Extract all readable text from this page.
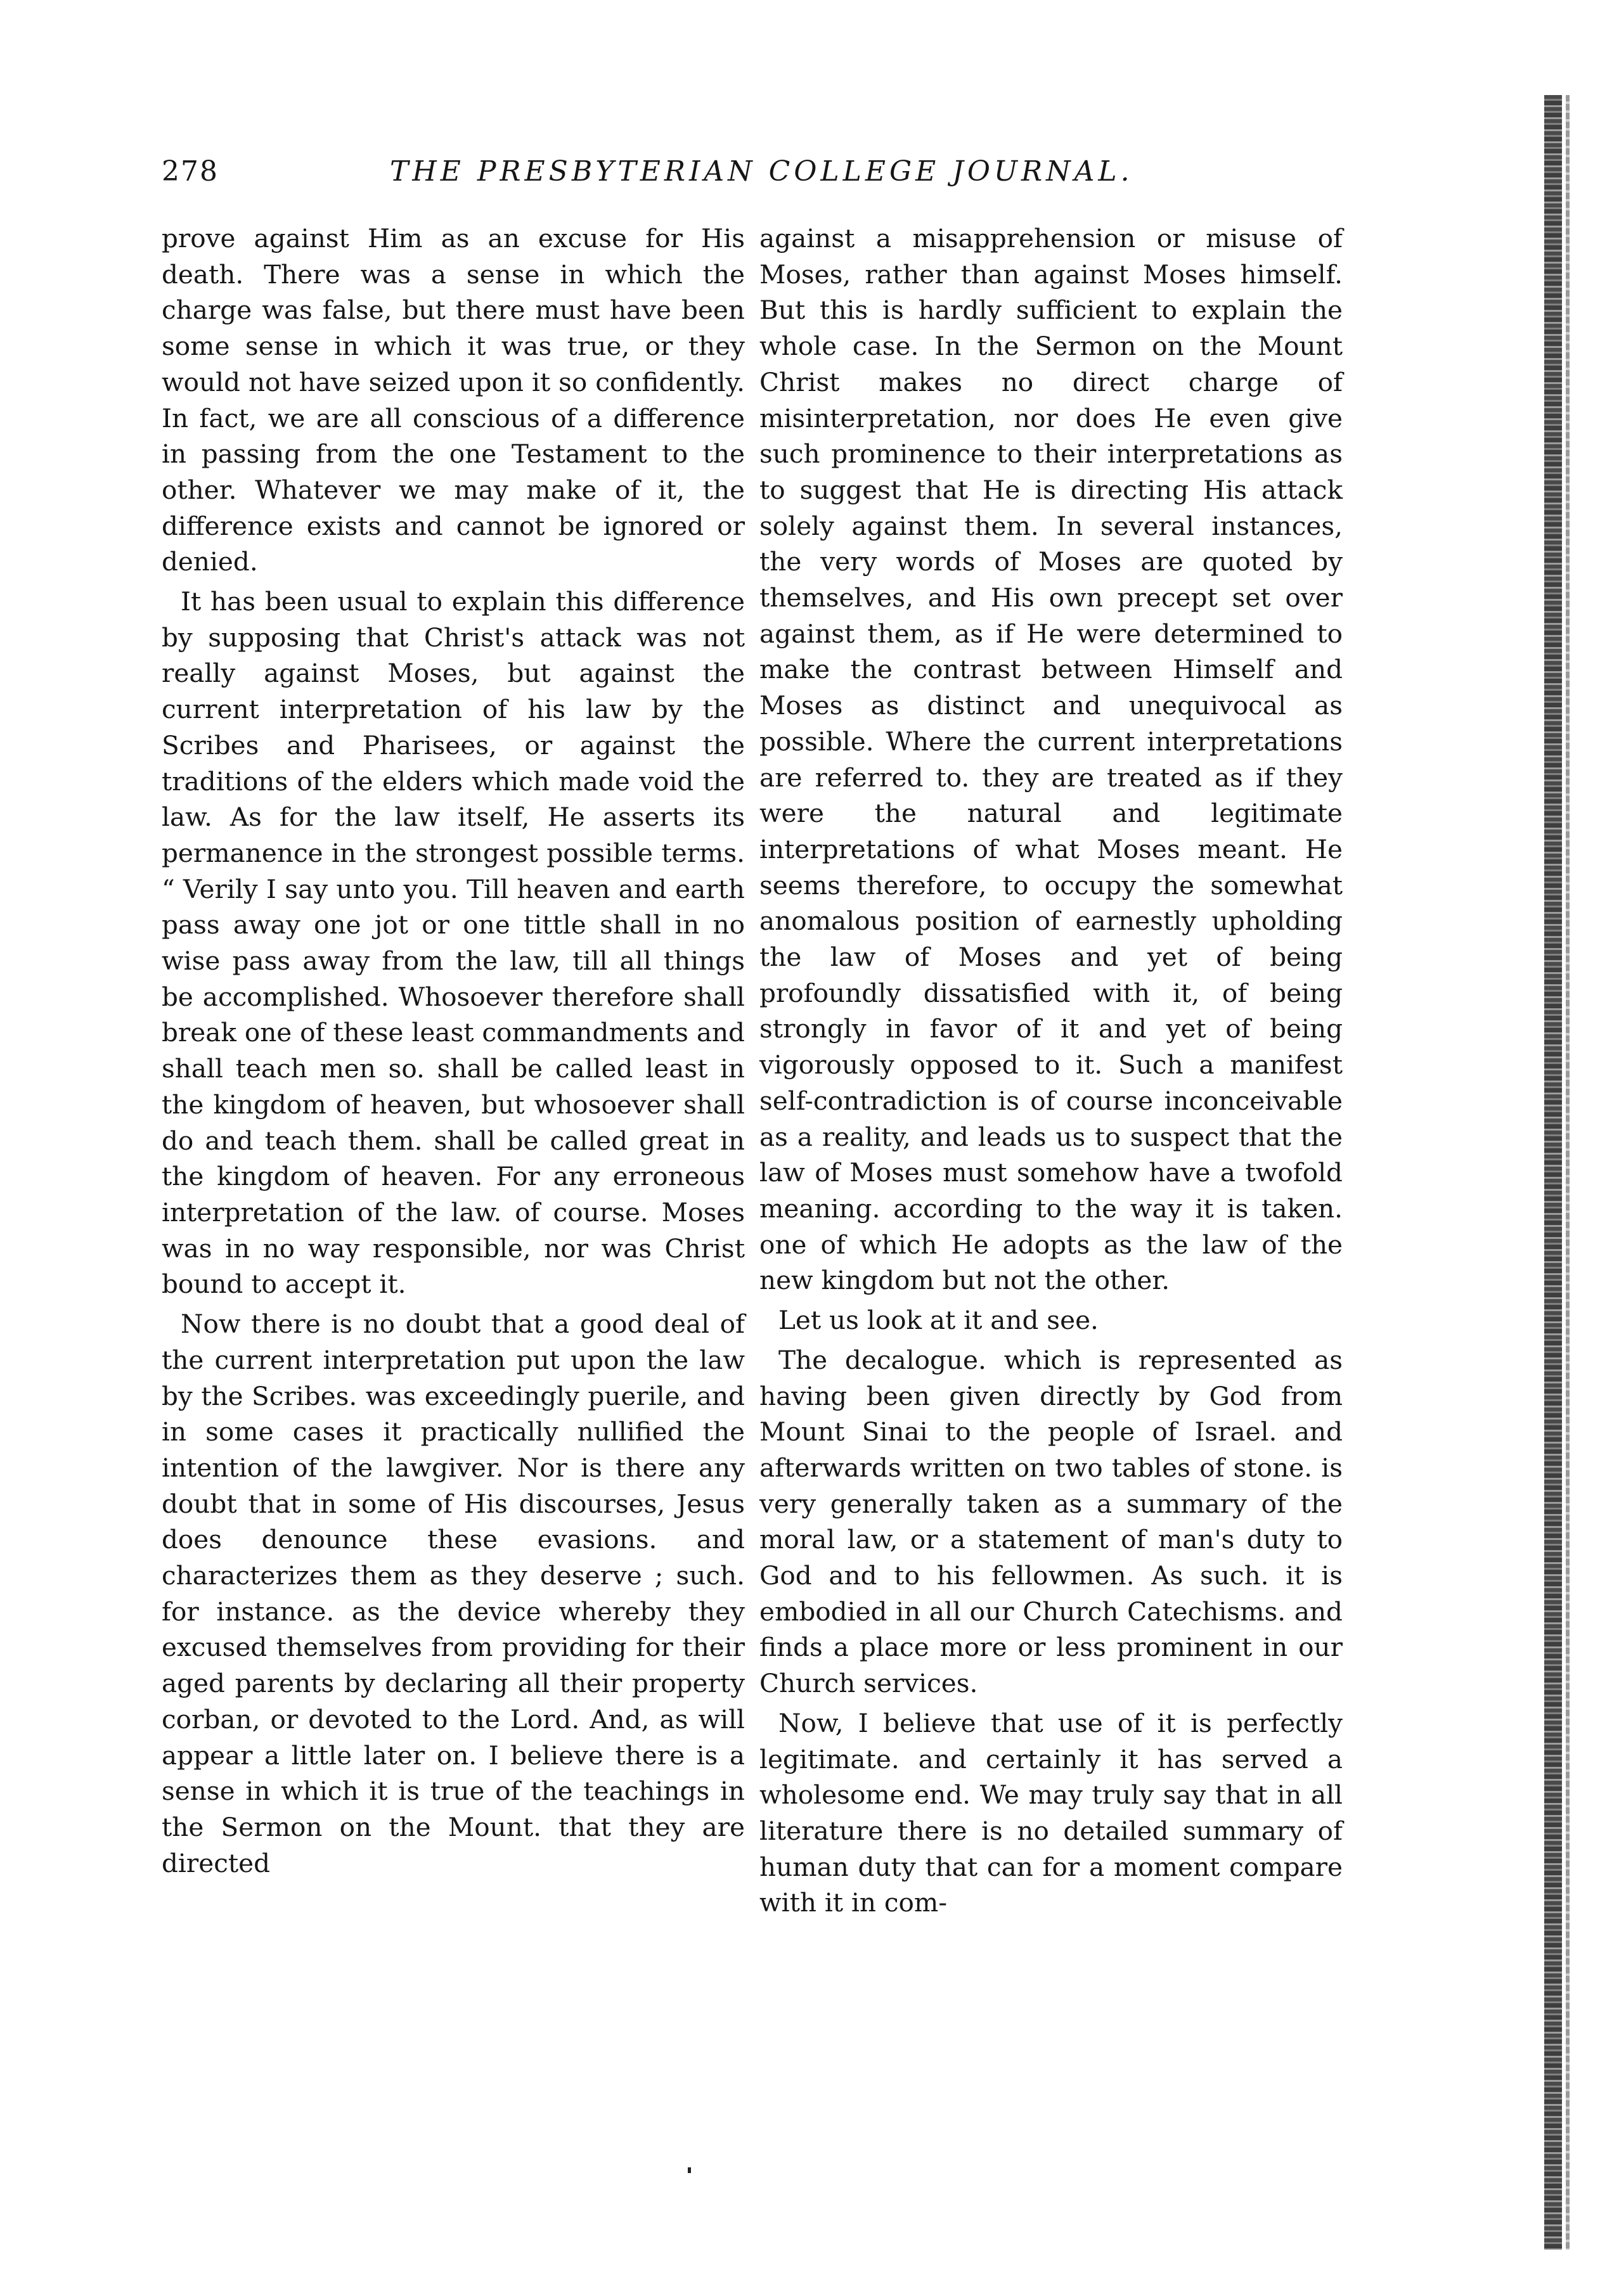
278	THE PRESBYTERIAN COLLEGE JOURNAL.

prove against Him as an excuse for His death. There was a sense in which the charge was false, but there must have been some sense in which it was true, or they would not have seized upon it so confidently. In fact, we are all conscious of a difference in passing from the one Testament to the other. Whatever we may make of it, the difference exists and cannot be ignored or denied.

It has been usual to explain this difference by supposing that Christ's attack was not really against Moses, but against the current interpretation of his law by the Scribes and Pharisees, or against the traditions of the elders which made void the law. As for the law itself, He asserts its permanence in the strongest possible terms. “ Verily I say unto you. Till heaven and earth pass away one jot or one tittle shall in no wise pass away from the law, till all things be accomplished. Whosoever therefore shall break one of these least commandments and shall teach men so. shall be called least in the kingdom of heaven, but whosoever shall do and teach them. shall be called great in the kingdom of heaven. For any erroneous interpretation of the law. of course. Moses was in no way responsible, nor was Christ bound to accept it.

Now there is no doubt that a good deal of the current interpretation put upon the law by the Scribes. was exceedingly puerile, and in some cases it practically nullified the intention of the lawgiver. Nor is there any doubt that in some of His discourses, Jesus does denounce these evasions. and characterizes them as they deserve ; such. for instance. as the device whereby they excused themselves from providing for their aged parents by declaring all their property corban, or devoted to the Lord. And, as will appear a little later on. I believe there is a sense in which it is true of the teachings in the Sermon on the Mount. that they are directed

against a misapprehension or misuse of Moses, rather than against Moses himself. But this is hardly sufficient to explain the whole case. In the Sermon on the Mount Christ makes no direct charge of misinterpretation, nor does He even give such prominence to their interpretations as to suggest that He is directing His attack solely against them. In several instances, the very words of Moses are quoted by themselves, and His own precept set over against them, as if He were determined to make the contrast between Himself and Moses as distinct and unequivocal as possible. Where the current interpretations are referred to. they are treated as if they were the natural and legitimate interpretations of what Moses meant. He seems therefore, to occupy the somewhat anomalous position of earnestly upholding the law of Moses and yet of being profoundly dissatisfied with it, of being strongly in favor of it and yet of being vigorously opposed to it. Such a manifest self-contradiction is of course inconceivable as a reality, and leads us to suspect that the law of Moses must somehow have a twofold meaning. according to the way it is taken. one of which He adopts as the law of the new kingdom but not the other.

Let us look at it and see.

The decalogue. which is represented as having been given directly by God from Mount Sinai to the people of Israel. and afterwards written on two tables of stone. is very generally taken as a summary of the moral law, or a statement of man's duty to God and to his fellowmen. As such. it is embodied in all our Church Catechisms. and finds a place more or less prominent in our Church services.

Now, I believe that use of it is perfectly legitimate. and certainly it has served a wholesome end. We may truly say that in all literature there is no detailed summary of human duty that can for a moment compare with it in com-
